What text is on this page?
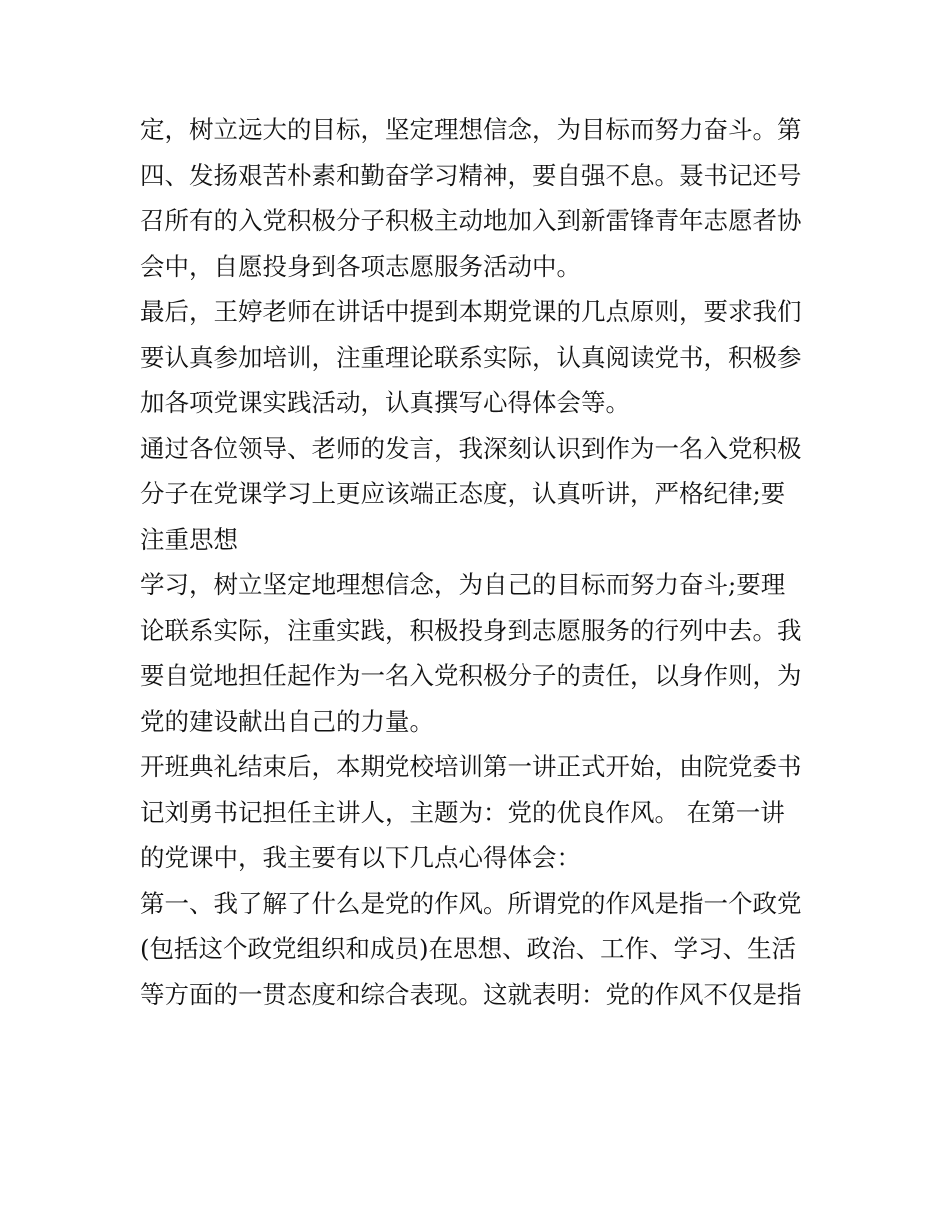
定，树立远大的目标，坚定理想信念，为目标而努力奋斗。第
四、发扬艰苦朴素和勤奋学习精神，要自强不息。聂书记还号
召所有的入党积极分子积极主动地加入到新雷锋青年志愿者协
会中，自愿投身到各项志愿服务活动中。
最后，王婷老师在讲话中提到本期党课的几点原则，要求我们
要认真参加培训，注重理论联系实际，认真阅读党书，积极参
加各项党课实践活动，认真撰写心得体会等。
通过各位领导、老师的发言，我深刻认识到作为一名入党积极
分子在党课学习上更应该端正态度，认真听讲，严格纪律;要
注重思想
学习，树立坚定地理想信念，为自己的目标而努力奋斗;要理
论联系实际，注重实践，积极投身到志愿服务的行列中去。我
要自觉地担任起作为一名入党积极分子的责任，以身作则，为
党的建设献出自己的力量。
开班典礼结束后，本期党校培训第一讲正式开始，由院党委书
记刘勇书记担任主讲人，主题为：党的优良作风。 在第一讲
的党课中，我主要有以下几点心得体会：
第一、我了解了什么是党的作风。所谓党的作风是指一个政党
(包括这个政党组织和成员)在思想、政治、工作、学习、生活
等方面的一贯态度和综合表现。这就表明：党的作风不仅是指
